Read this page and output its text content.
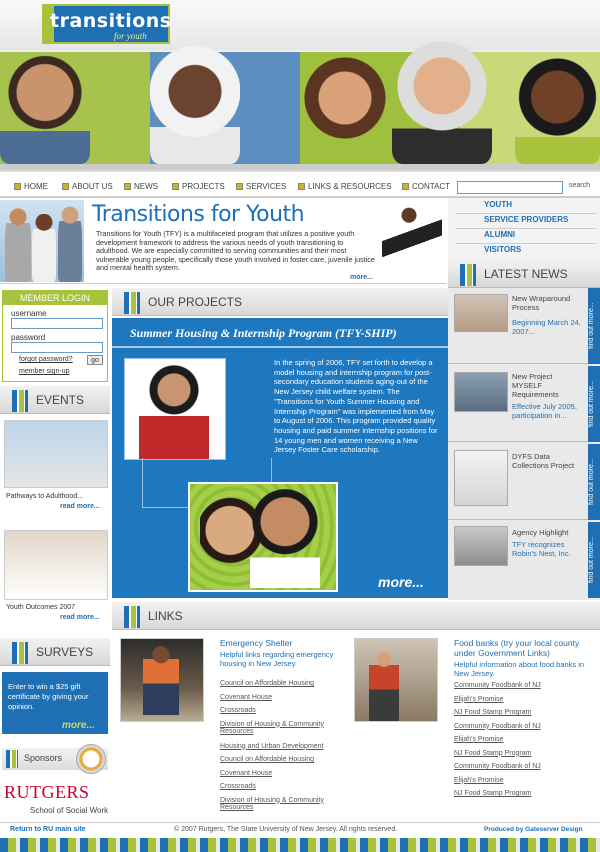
transitions
for youth
HOME	ABOUT US	NEWS	PROJECTS	SERVICES	LINKS & RESOURCES	CONTACT	search
Transitions for Youth
Transitions for Youth (TFY) is a multifaceted program that utilizes a positive youth development framework to address the various needs of youth transitioning to adulthood. We are especially committed to serving communities and their most vulnerable young people, specifically those youth involved in foster care, juvenile justice and mental health system.
more...
YOUTH
SERVICE PROVIDERS
ALUMNI
VISITORS
LATEST NEWS
MEMBER LOGIN
username
password
forgot password?	go
member sign-up
EVENTS
Pathways to Adulthood...
read more...
Youth Outcomes 2007
read more...
SURVEYS
Enter to win a $25 gift certificate by giving your opinion.
more...
Sponsors
RUTGERS
School of Social Work
OUR PROJECTS
Summer Housing & Internship Program (TFY-SHIP)
In the spring of 2006, TFY set forth to develop a model housing and internship program for post-secondary education students aging-out of the New Jersey child welfare system. The "Transitions for Youth Summer Housing and Internship Program" was implemented from May to August of 2006. This program provided quality housing and paid summer internship positions for 14 young men and women receiving a New Jersey Foster Care scholarship.
more...
New Wraparound Process
Beginning March 24, 2007...
New Project MYSELF Requirements
Effective July 2005, participation in...
DYFS Data Collections Project
Agency Highlight
TFY recognizes Robin's Nest, Inc.
find out more...
find out more...
find out more...
find out more...
LINKS
Emergency Shelter
Helpful links regarding emergency housing in New Jersey.
Council on Affordable Housing
Covenant House
Crossroads
Division of Housing & Community Resources
Housing and Urban Development
Council on Affordable Housing
Covenant House
Crossroads
Division of Housing & Community Resources
Food banks (try your local county under Government Links)
Helpful information about food banks in New Jersey.
Community Foodbank of NJ
Elijah's Promise
NJ Food Stamp Program
Community Foodbank of NJ
Elijah's Promise
NJ Food Stamp Program
Community Foodbank of NJ
Elijah's Promise
NJ Food Stamp Program
Return to RU main site	© 2007 Rutgers, The State University of New Jersey. All rights reserved.	Produced by Gateserver Design
